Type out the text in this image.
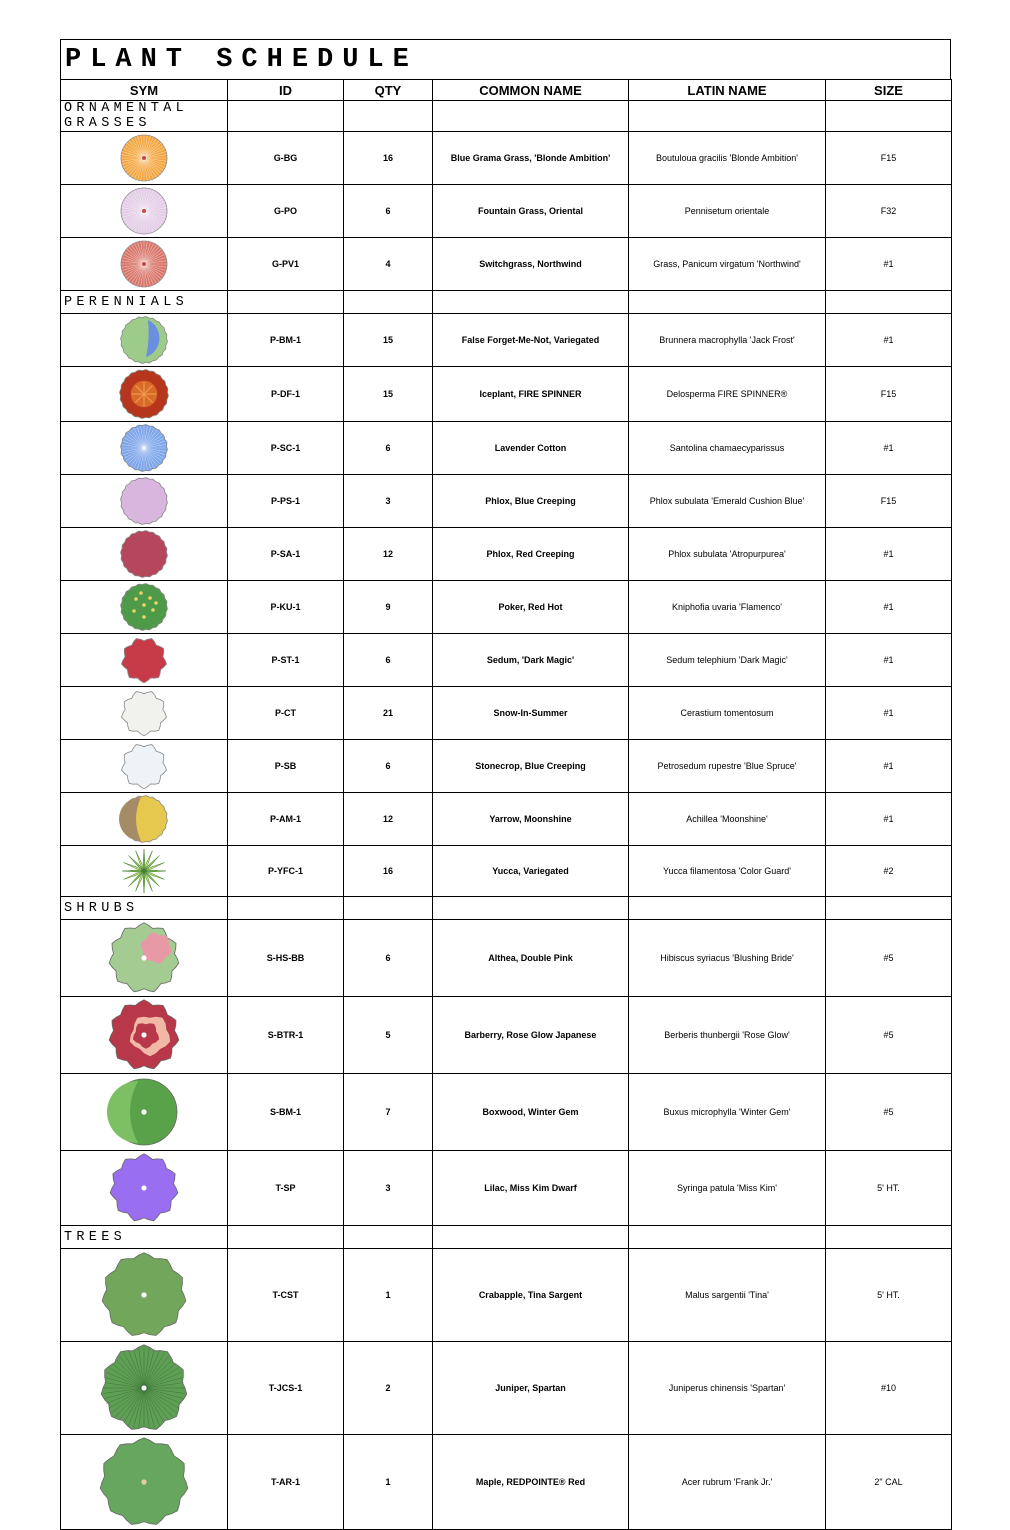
PLANT SCHEDULE
SYM	ID	QTY	COMMON NAME	LATIN NAME	SIZE
ORNAMENTAL GRASSES					

	G-BG	16	Blue Grama Grass, 'Blonde Ambition'	Boutuloua gracilis 'Blonde Ambition'	F15

	G-PO	6	Fountain Grass, Oriental	Pennisetum orientale	F32

	G-PV1	4	Switchgrass, Northwind	Grass, Panicum virgatum 'Northwind'	#1
PERENNIALS					

	P-BM-1	15	False Forget-Me-Not, Variegated	Brunnera macrophylla 'Jack Frost'	#1

	P-DF-1	15	Iceplant, FIRE SPINNER	Delosperma FIRE SPINNER®	F15

	P-SC-1	6	Lavender Cotton	Santolina chamaecyparissus	#1

	P-PS-1	3	Phlox, Blue Creeping	Phlox subulata 'Emerald Cushion Blue'	F15

	P-SA-1	12	Phlox, Red Creeping	Phlox subulata 'Atropurpurea'	#1

	P-KU-1	9	Poker, Red Hot	Kniphofia uvaria 'Flamenco'	#1

	P-ST-1	6	Sedum, 'Dark Magic'	Sedum telephium 'Dark Magic'	#1

	P-CT	21	Snow-In-Summer	Cerastium tomentosum	#1

	P-SB	6	Stonecrop, Blue Creeping	Petrosedum rupestre 'Blue Spruce'	#1

	P-AM-1	12	Yarrow, Moonshine	Achillea 'Moonshine'	#1

	P-YFC-1	16	Yucca, Variegated	Yucca filamentosa 'Color Guard'	#2
SHRUBS					

	S-HS-BB	6	Althea, Double Pink	Hibiscus syriacus 'Blushing Bride'	#5

	S-BTR-1	5	Barberry, Rose Glow Japanese	Berberis thunbergii 'Rose Glow'	#5

	S-BM-1	7	Boxwood, Winter Gem	Buxus microphylla 'Winter Gem'	#5

	T-SP	3	Lilac, Miss Kim Dwarf	Syringa patula 'Miss Kim'	5' HT.
TREES					

	T-CST	1	Crabapple, Tina Sargent	Malus sargentii 'Tina'	5' HT.

	T-JCS-1	2	Juniper, Spartan	Juniperus chinensis 'Spartan'	#10

	T-AR-1	1	Maple, REDPOINTE® Red	Acer rubrum 'Frank Jr.'	2" CAL
